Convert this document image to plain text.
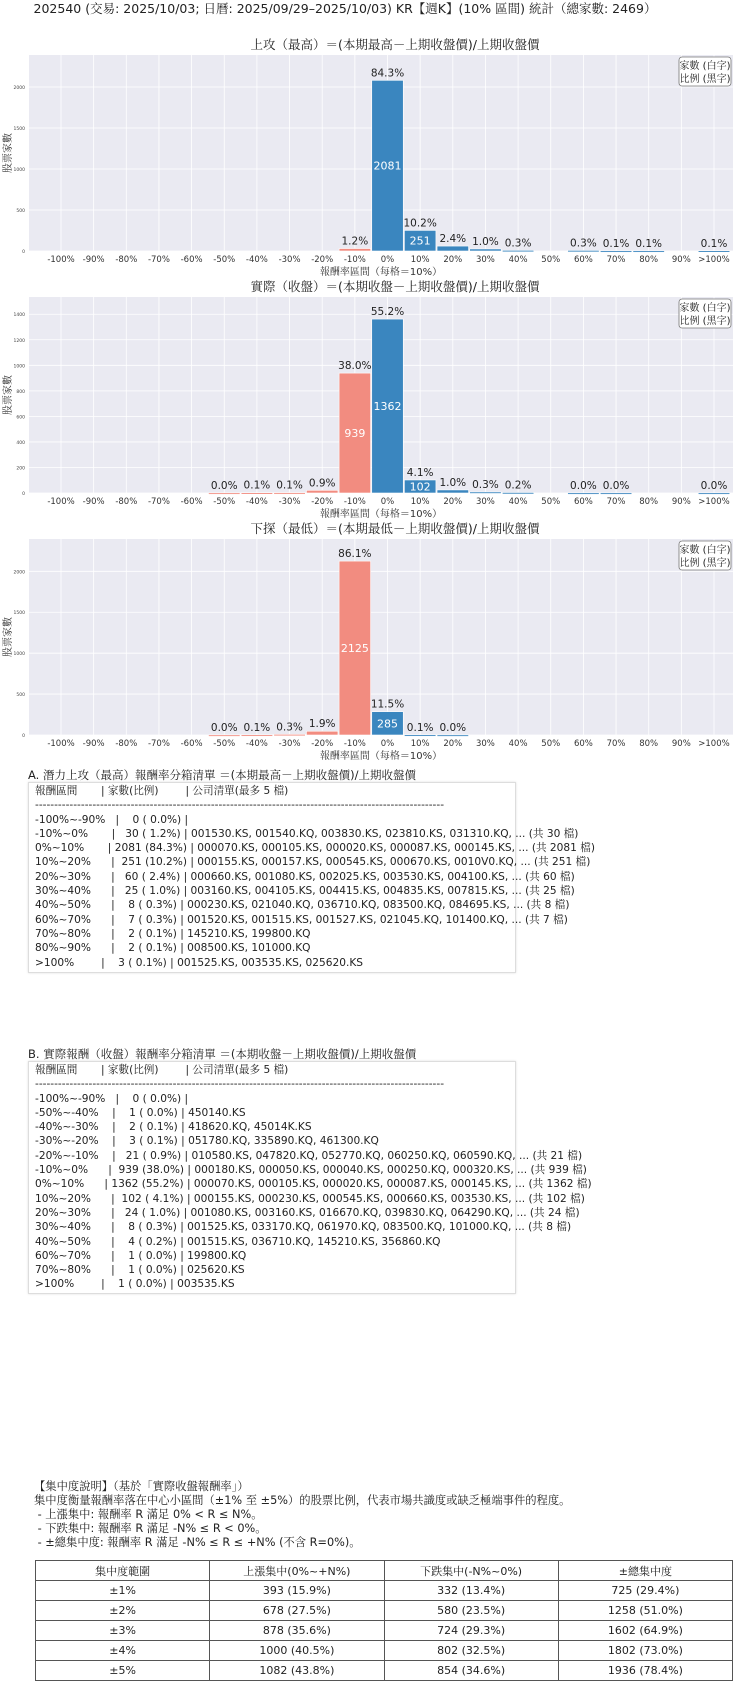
202540 (交易: 2025/10/03; 日曆: 2025/09/29–2025/10/03) KR【週K】(10% 區間) 統計（總家數: 2469）
上攻（最高）＝(本期最高－上期收盤價)/上期收盤價
-100% -90% -80% -70% -60% -50% -40% -30% -20% -10% 0% 10% 20% 30% 40% 50% 60% 70% 80% 90% >100%
0
500
1000
1500
2000
1.2%
84.3%
2081
10.2%
251 2.4% 1.0% 0.3%	0.3% 0.1% 0.1%	0.1%
報酬率區間（每格＝10%）
股票家數
家數 (白字)
比例 (黑字)
實際（收盤）＝(本期收盤－上期收盤價)/上期收盤價
-100% -90% -80% -70% -60% -50% -40% -30% -20% -10% 0% 10% 20% 30% 40% 50% 60% 70% 80% 90% >100%
0
200
400
600
800
1000
1200
1400
0.0% 0.1% 0.1% 0.9%
38.0%
939
55.2%
1362
4.1%
102 1.0% 0.3% 0.2%	0.0% 0.0%	0.0%
報酬率區間（每格＝10%）
股票家數
家數 (白字)
比例 (黑字)
下探（最低）＝(本期最低－上期收盤價)/上期收盤價
-100% -90% -80% -70% -60% -50% -40% -30% -20% -10% 0% 10% 20% 30% 40% 50% 60% 70% 80% 90% >100%
0
500
1000
1500
2000
0.0% 0.1% 0.3% 1.9%
86.1%
2125
11.5%
285 0.1% 0.0%
報酬率區間（每格＝10%）
股票家數
家數 (白字)
比例 (黑字)
A. 潛力上攻（最高）報酬率分箱清單 ＝(本期最高－上期收盤價)/上期收盤價
報酬區間       | 家數(比例)        | 公司清單(最多 5 檔)
-----------------------------------------------------------------------------------------------------------
-100%~-90%   |    0 ( 0.0%) |
-10%~0%       |   30 ( 1.2%) | 001530.KS, 001540.KQ, 003830.KS, 023810.KS, 031310.KQ, ... (共 30 檔)
0%~10%       | 2081 (84.3%) | 000070.KS, 000105.KS, 000020.KS, 000087.KS, 000145.KS, ... (共 2081 檔)
10%~20%      |  251 (10.2%) | 000155.KS, 000157.KS, 000545.KS, 000670.KS, 0010V0.KQ, ... (共 251 檔)
20%~30%      |   60 ( 2.4%) | 000660.KS, 001080.KS, 002025.KS, 003530.KS, 004100.KS, ... (共 60 檔)
30%~40%      |   25 ( 1.0%) | 003160.KS, 004105.KS, 004415.KS, 004835.KS, 007815.KS, ... (共 25 檔)
40%~50%      |    8 ( 0.3%) | 000230.KS, 021040.KQ, 036710.KQ, 083500.KQ, 084695.KS, ... (共 8 檔)
60%~70%      |    7 ( 0.3%) | 001520.KS, 001515.KS, 001527.KS, 021045.KQ, 101400.KQ, ... (共 7 檔)
70%~80%      |    2 ( 0.1%) | 145210.KS, 199800.KQ
80%~90%      |    2 ( 0.1%) | 008500.KS, 101000.KQ
>100%        |    3 ( 0.1%) | 001525.KS, 003535.KS, 025620.KS
B. 實際報酬（收盤）報酬率分箱清單 ＝(本期收盤－上期收盤價)/上期收盤價
報酬區間       | 家數(比例)        | 公司清單(最多 5 檔)
-----------------------------------------------------------------------------------------------------------
-100%~-90%   |    0 ( 0.0%) |
-50%~-40%    |    1 ( 0.0%) | 450140.KS
-40%~-30%    |    2 ( 0.1%) | 418620.KQ, 45014K.KS
-30%~-20%    |    3 ( 0.1%) | 051780.KQ, 335890.KQ, 461300.KQ
-20%~-10%    |   21 ( 0.9%) | 010580.KS, 047820.KQ, 052770.KQ, 060250.KQ, 060590.KQ, ... (共 21 檔)
-10%~0%      |  939 (38.0%) | 000180.KS, 000050.KS, 000040.KS, 000250.KQ, 000320.KS, ... (共 939 檔)
0%~10%      | 1362 (55.2%) | 000070.KS, 000105.KS, 000020.KS, 000087.KS, 000145.KS, ... (共 1362 檔)
10%~20%      |  102 ( 4.1%) | 000155.KS, 000230.KS, 000545.KS, 000660.KS, 003530.KS, ... (共 102 檔)
20%~30%      |   24 ( 1.0%) | 001080.KS, 003160.KS, 016670.KQ, 039830.KQ, 064290.KQ, ... (共 24 檔)
30%~40%      |    8 ( 0.3%) | 001525.KS, 033170.KQ, 061970.KQ, 083500.KQ, 101000.KQ, ... (共 8 檔)
40%~50%      |    4 ( 0.2%) | 001515.KS, 036710.KQ, 145210.KS, 356860.KQ
60%~70%      |    1 ( 0.0%) | 199800.KQ
70%~80%      |    1 ( 0.0%) | 025620.KS
>100%        |    1 ( 0.0%) | 003535.KS
【集中度說明】（基於「實際收盤報酬率」）
集中度衡量報酬率落在中心小區間（±1% 至 ±5%）的股票比例，代表市場共識度或缺乏極端事件的程度。
- 上漲集中: 報酬率 R 滿足 0% < R ≤ N%。
- 下跌集中: 報酬率 R 滿足 -N% ≤ R < 0%。
- ±總集中度: 報酬率 R 滿足 -N% ≤ R ≤ +N% (不含 R=0%)。
集中度範圍	上漲集中(0%~+N%)	下跌集中(-N%~0%)	±總集中度
±1%	393 (15.9%)	332 (13.4%)	725 (29.4%)
±2%	678 (27.5%)	580 (23.5%)	1258 (51.0%)
±3%	878 (35.6%)	724 (29.3%)	1602 (64.9%)
±4%	1000 (40.5%)	802 (32.5%)	1802 (73.0%)
±5%	1082 (43.8%)	854 (34.6%)	1936 (78.4%)
